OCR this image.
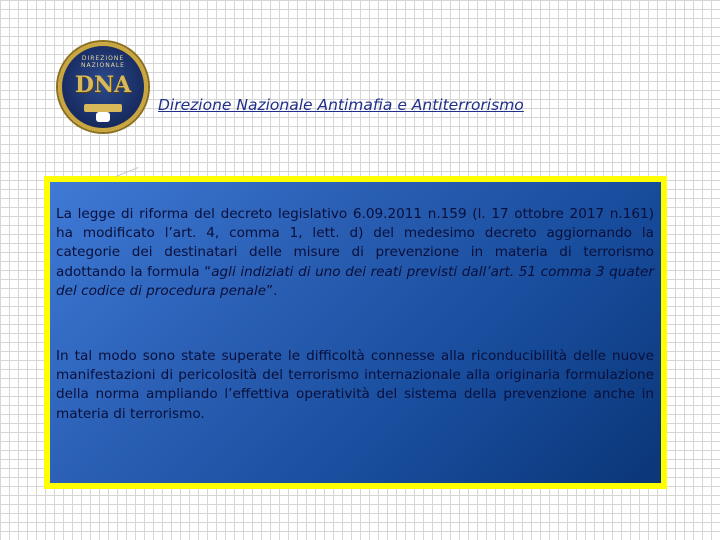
DIREZIONE NAZIONALE
DNA
Direzione Nazionale Antimafia e Antiterrorismo

La legge di riforma del decreto legislativo 6.09.2011 n.159 (l. 17 ottobre 2017 n.161) ha modificato l’art. 4, comma 1, lett. d) del medesimo decreto aggiornando la categorie dei destinatari delle misure di prevenzione in materia di terrorismo adottando la formula “agli indiziati di uno dei reati previsti dall’art. 51 comma 3 quater del codice di procedura penale”.

In tal modo sono state superate le difficoltà connesse alla riconducibilità delle nuove manifestazioni di pericolosità del terrorismo internazionale alla originaria formulazione della norma ampliando l’effettiva operatività del sistema della prevenzione anche in materia di terrorismo.
